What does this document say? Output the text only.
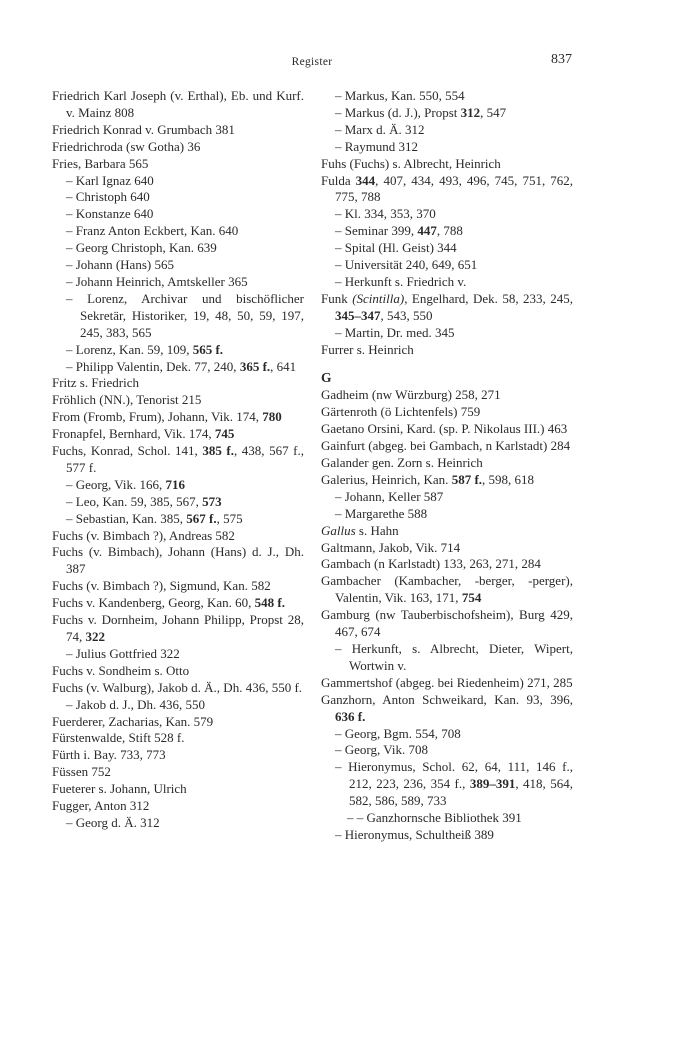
Register	837
Friedrich Karl Joseph (v. Erthal), Eb. und Kurf. v. Mainz 808
Friedrich Konrad v. Grumbach 381
Friedrichroda (sw Gotha) 36
Fries, Barbara 565
– Karl Ignaz 640
– Christoph 640
– Konstanze 640
– Franz Anton Eckbert, Kan. 640
– Georg Christoph, Kan. 639
– Johann (Hans) 565
– Johann Heinrich, Amtskeller 365
– Lorenz, Archivar und bischöflicher Sekretär, Historiker, 19, 48, 50, 59, 197, 245, 383, 565
– Lorenz, Kan. 59, 109, 565 f.
– Philipp Valentin, Dek. 77, 240, 365 f., 641
Fritz s. Friedrich
Fröhlich (NN.), Tenorist 215
From (Fromb, Frum), Johann, Vik. 174, 780
Fronapfel, Bernhard, Vik. 174, 745
Fuchs, Konrad, Schol. 141, 385 f., 438, 567 f., 577 f.
– Georg, Vik. 166, 716
– Leo, Kan. 59, 385, 567, 573
– Sebastian, Kan. 385, 567 f., 575
Fuchs (v. Bimbach ?), Andreas 582
Fuchs (v. Bimbach), Johann (Hans) d. J., Dh. 387
Fuchs (v. Bimbach ?), Sigmund, Kan. 582
Fuchs v. Kandenberg, Georg, Kan. 60, 548 f.
Fuchs v. Dornheim, Johann Philipp, Propst 28, 74, 322
– Julius Gottfried 322
Fuchs v. Sondheim s. Otto
Fuchs (v. Walburg), Jakob d. Ä., Dh. 436, 550 f.
– Jakob d. J., Dh. 436, 550
Fuerderer, Zacharias, Kan. 579
Fürstenwalde, Stift 528 f.
Fürth i. Bay. 733, 773
Füssen 752
Fueterer s. Johann, Ulrich
Fugger, Anton 312
– Georg d. Ä. 312
– Markus, Kan. 550, 554
– Markus (d. J.), Propst 312, 547
– Marx d. Ä. 312
– Raymund 312
Fuhs (Fuchs) s. Albrecht, Heinrich
Fulda 344, 407, 434, 493, 496, 745, 751, 762, 775, 788
– Kl. 334, 353, 370
– Seminar 399, 447, 788
– Spital (Hl. Geist) 344
– Universität 240, 649, 651
– Herkunft s. Friedrich v.
Funk (Scintilla), Engelhard, Dek. 58, 233, 245, 345–347, 543, 550
– Martin, Dr. med. 345
Furrer s. Heinrich
G
Gadheim (nw Würzburg) 258, 271
Gärtenroth (ö Lichtenfels) 759
Gaetano Orsini, Kard. (sp. P. Nikolaus III.) 463
Gainfurt (abgeg. bei Gambach, n Karlstadt) 284
Galander gen. Zorn s. Heinrich
Galerius, Heinrich, Kan. 587 f., 598, 618
– Johann, Keller 587
– Margarethe 588
Gallus s. Hahn
Galtmann, Jakob, Vik. 714
Gambach (n Karlstadt) 133, 263, 271, 284
Gambacher (Kambacher, -berger, -perger), Valentin, Vik. 163, 171, 754
Gamburg (nw Tauberbischofsheim), Burg 429, 467, 674
– Herkunft, s. Albrecht, Dieter, Wipert, Wortwin v.
Gammertshof (abgeg. bei Riedenheim) 271, 285
Ganzhorn, Anton Schweikard, Kan. 93, 396, 636 f.
– Georg, Bgm. 554, 708
– Georg, Vik. 708
– Hieronymus, Schol. 62, 64, 111, 146 f., 212, 223, 236, 354 f., 389–391, 418, 564, 582, 586, 589, 733
– – Ganzhornsche Bibliothek 391
– Hieronymus, Schultheiß 389
